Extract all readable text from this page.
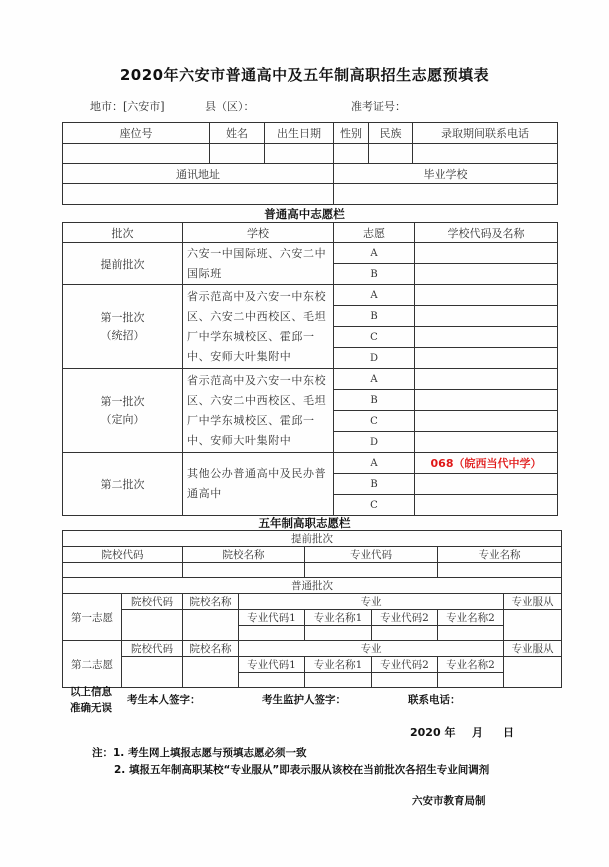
2020年六安市普通高中及五年制高职招生志愿预填表
地市：[六安市]	县（区）：	准考证号：
座位号	姓名	出生日期	性别	民族	录取期间联系电话

通讯地址			毕业学校		

普通高中志愿栏
批次	学校	志愿	学校代码及名称
提前批次	六安一中国际班、六安二中国际班	A	
		B	

第一批次
（统招）	省示范高中及六安一中东校区、六安二中西校区、毛坦厂中学东城校区、霍邱一中、安师大叶集附中	A	
		B	
		C	
		D	

第一批次
（定向）	省示范高中及六安一中东校区、六安二中西校区、毛坦厂中学东城校区、霍邱一中、安师大叶集附中	A	
		B	
		C	
		D	
第二批次	其他公办普通高中及民办普通高中	A	068（皖西当代中学）
		B	
		C	
五年制高职志愿栏
提前批次							
院校代码		院校名称		专业代码		专业名称	

普通批次							
第一志愿	院校代码	院校名称	专业				专业服从
			专业代码1	专业名称1	专业代码2	专业名称2	

第二志愿	院校代码	院校名称	专业				专业服从
			专业代码1	专业名称1	专业代码2	专业名称2	

以上信息
准确无误
考生本人签字：	考生监护人签字：	联系电话：
2020 年 月 日
注：1. 考生网上填报志愿与预填志愿必须一致
2. 填报五年制高职某校“专业服从”即表示服从该校在当前批次各招生专业间调剂
六安市教育局制
